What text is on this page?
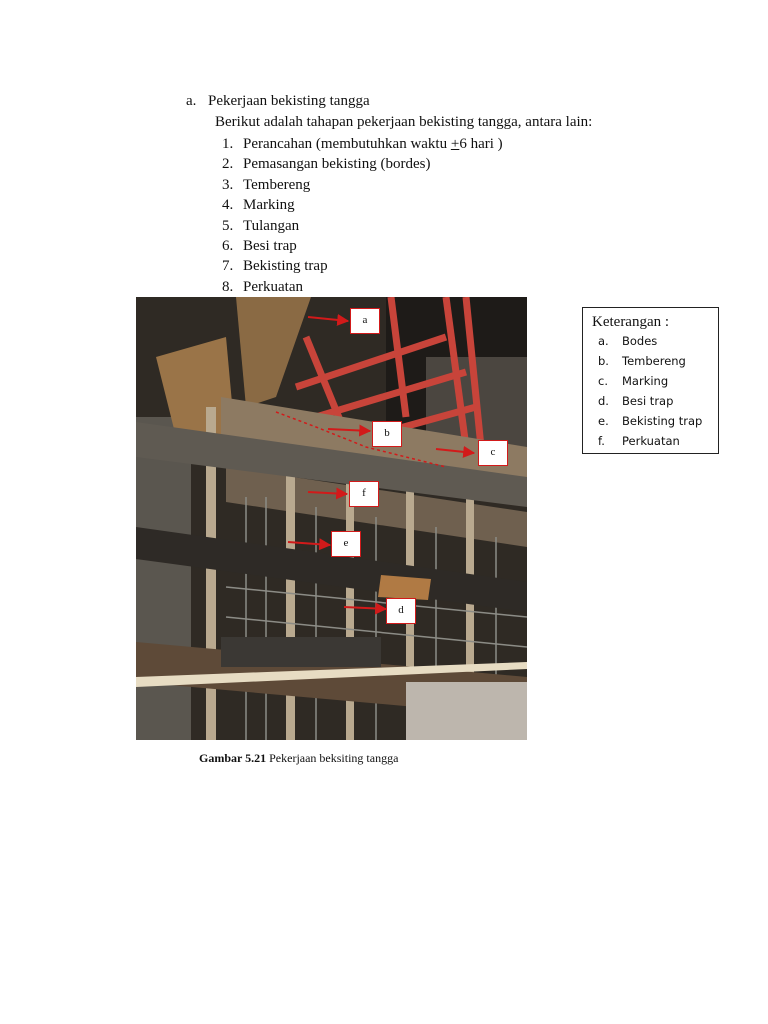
a. Pekerjaan bekisting tangga
Berikut adalah tahapan pekerjaan bekisting tangga, antara lain:
1. Perancahan (membutuhkan waktu +6 hari )
2. Pemasangan bekisting (bordes)
3. Tembereng
4. Marking
5. Tulangan
6. Besi trap
7. Bekisting trap
8. Perkuatan
a
b
c
f
e
d
Keterangan :
a. Bodes
b. Tembereng
c. Marking
d. Besi trap
e. Bekisting trap
f. Perkuatan
Gambar 5.21 Pekerjaan beksiting tangga
